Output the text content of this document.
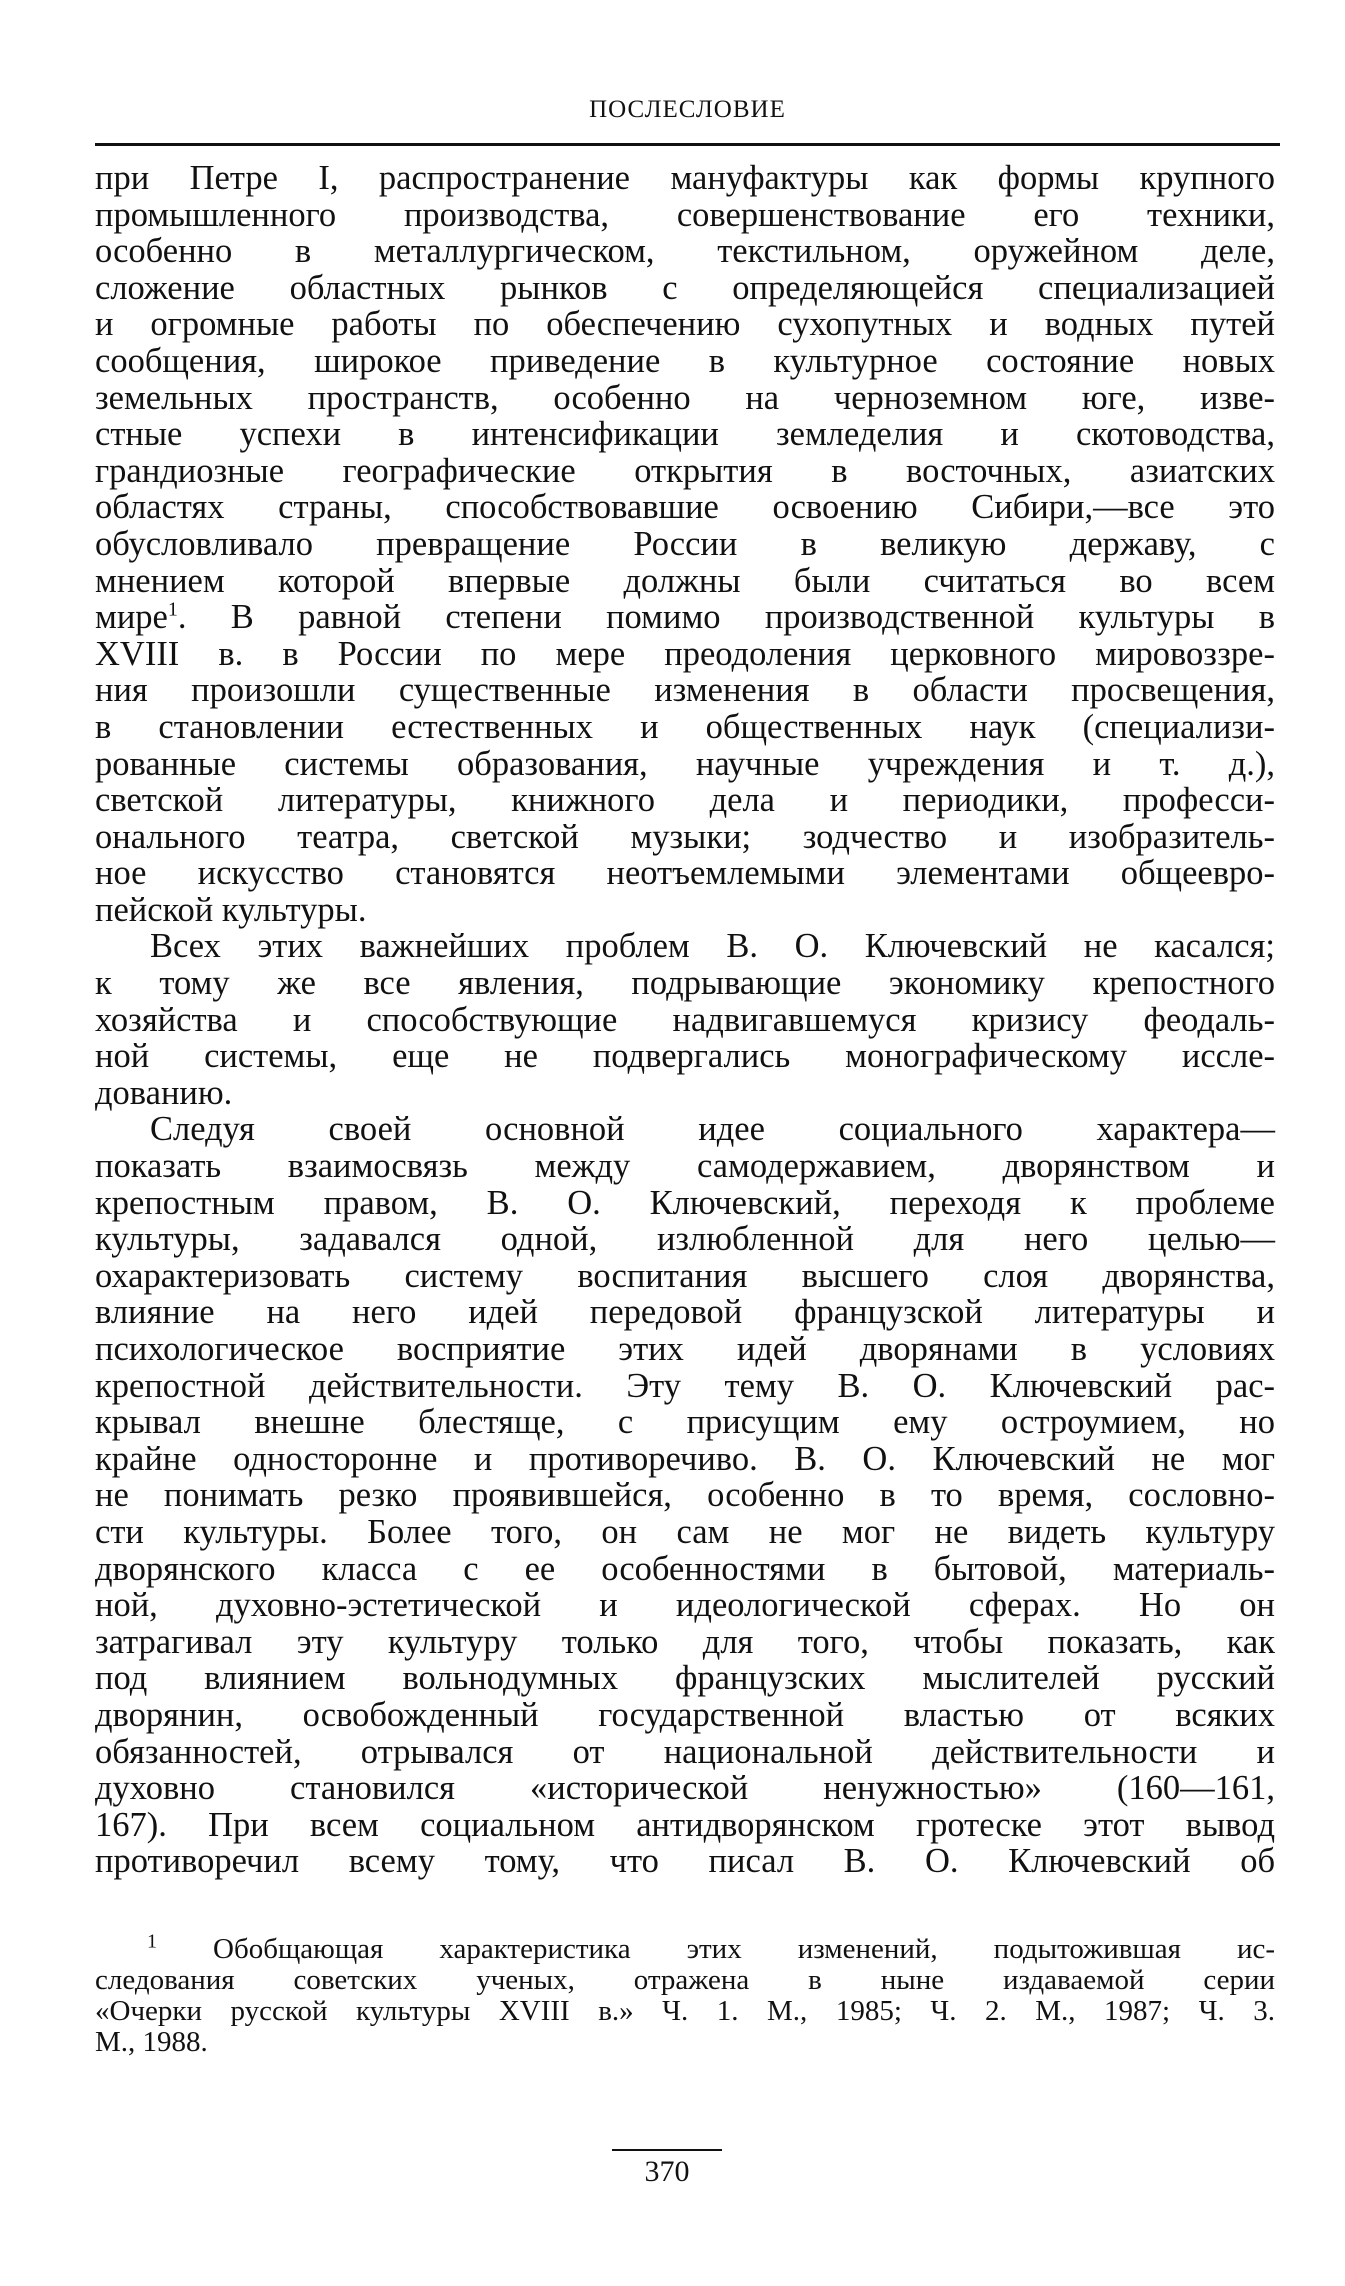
ПОСЛЕСЛОВИЕ

при Петре I, распространение мануфактуры как формы крупного
промышленного производства, совершенствование его техники,
особенно в металлургическом, текстильном, оружейном деле,
сложение областных рынков с определяющейся специализацией
и огромные работы по обеспечению сухопутных и водных путей
сообщения, широкое приведение в культурное состояние новых
земельных пространств, особенно на черноземном юге, изве-
стные успехи в интенсификации земледелия и скотоводства,
грандиозные географические открытия в восточных, азиатских
областях страны, способствовавшие освоению Сибири,—все это
обусловливало превращение России в великую державу, с
мнением которой впервые должны были считаться во всем
мире$^1$. В равной степени помимо производственной культуры в
XVIII в. в России по мере преодоления церковного мировоззре-
ния произошли существенные изменения в области просвещения,
в становлении естественных и общественных наук (специализи-
рованные системы образования, научные учреждения и т. д.),
светской литературы, книжного дела и периодики, професси-
онального театра, светской музыки; зодчество и изобразитель-
ное искусство становятся неотъемлемыми элементами общеевро-
пейской культуры.

Всех этих важнейших проблем В. О. Ключевский не касался;
к тому же все явления, подрывающие экономику крепостного
хозяйства и способствующие надвигавшемуся кризису феодаль-
ной системы, еще не подвергались монографическому иссле-
дованию.

Следуя своей основной идее социального характера—
показать взаимосвязь между самодержавием, дворянством и
крепостным правом, В. О. Ключевский, переходя к проблеме
культуры, задавался одной, излюбленной для него целью—
охарактеризовать систему воспитания высшего слоя дворянства,
влияние на него идей передовой французской литературы и
психологическое восприятие этих идей дворянами в условиях
крепостной действительности. Эту тему В. О. Ключевский рас-
крывал внешне блестяще, с присущим ему остроумием, но
крайне односторонне и противоречиво. В. О. Ключевский не мог
не понимать резко проявившейся, особенно в то время, сословно-
сти культуры. Более того, он сам не мог не видеть культуру
дворянского класса с ее особенностями в бытовой, материаль-
ной, духовно-эстетической и идеологической сферах. Но он
затрагивал эту культуру только для того, чтобы показать, как
под влиянием вольнодумных французских мыслителей русский
дворянин, освобожденный государственной властью от всяких
обязанностей, отрывался от национальной действительности и
духовно становился «исторической ненужностью» (160—161,
167). При всем социальном антидворянском гротеске этот вывод
противоречил всему тому, что писал В. О. Ключевский об

$^1$ Обобщающая характеристика этих изменений, подытожившая ис-
следования советских ученых, отражена в ныне издаваемой серии
«Очерки русской культуры XVIII в.» Ч. 1. М., 1985; Ч. 2. М., 1987; Ч. 3.
М., 1988.
370
